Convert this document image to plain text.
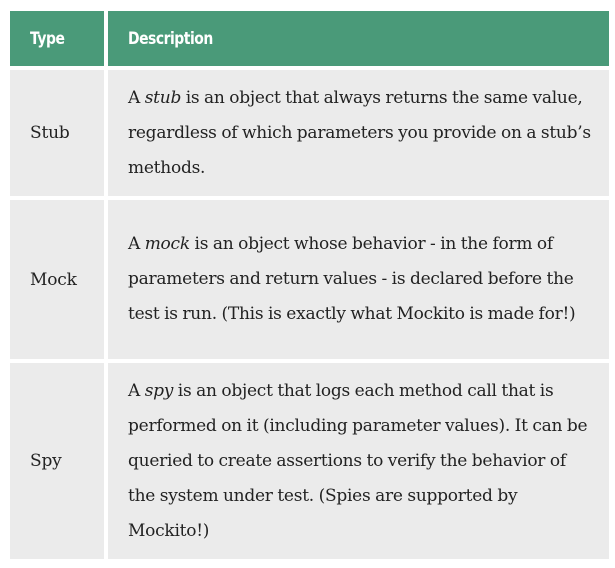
Type	Description
Stub
A stub is an object that always returns the same value, regardless of which parameters you provide on a stub’s methods.
Mock
A mock is an object whose behavior - in the form of parameters and return values - is declared before the test is run. (This is exactly what Mockito is made for!)
Spy
A spy is an object that logs each method call that is performed on it (including parameter values). It can be queried to create assertions to verify the behavior of the system under test. (Spies are supported by Mockito!)
